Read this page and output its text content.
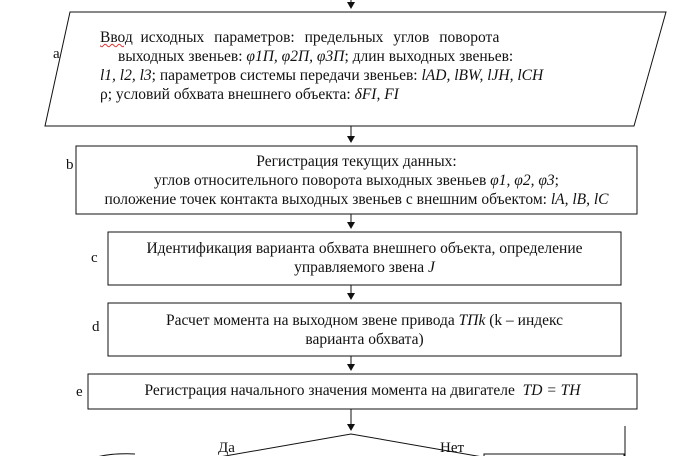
a
b
c
d
e
Ввод исходных параметров: предельных углов поворота
выходных звеньев: φ1П, φ2П, φ3П; длин выходных звеньев:
l1, l2, l3; параметров системы передачи звеньев: lAD, lBW, lJH, lCH
ρ; условий обхвата внешнего объекта: δFI, FI
Регистрация текущих данных:
углов относительного поворота выходных звеньев φ1, φ2, φ3;
положение точек контакта выходных звеньев с внешним объектом: lA, lB, lC
Идентификация варианта обхвата внешнего объекта, определение
управляемого звена J
Расчет момента на выходном звене привода TПk (k – индекс
варианта обхвата)
Регистрация начального значения момента на двигателе TD = TН
Да	Нет
